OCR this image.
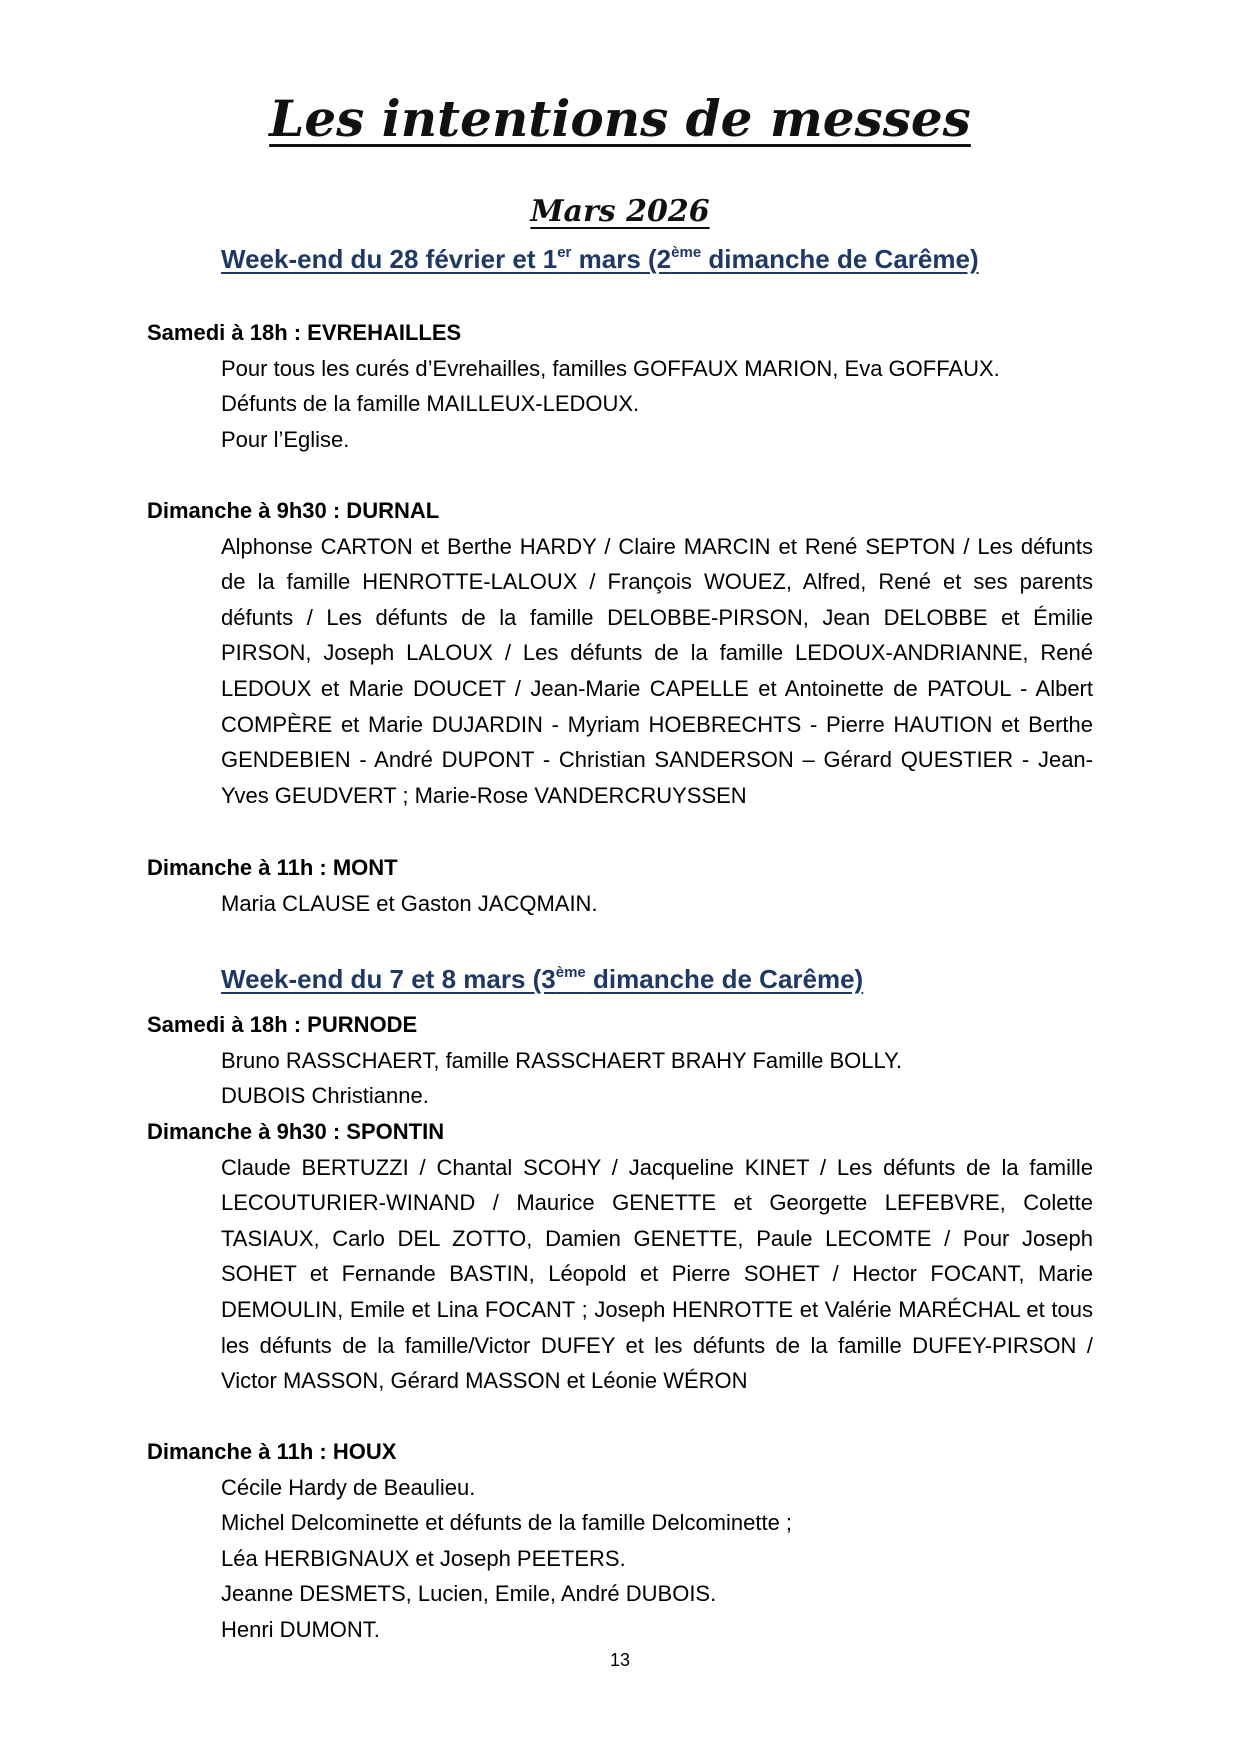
Les intentions de messes
Mars 2026
Week-end du 28 février et 1er mars (2ème dimanche de Carême)

Samedi à 18h : EVREHAILLES

Pour tous les curés d’Evrehailles, familles GOFFAUX MARION, Eva GOFFAUX.

Défunts de la famille MAILLEUX-LEDOUX.

Pour l’Eglise.

Dimanche à 9h30 : DURNAL

Alphonse CARTON et Berthe HARDY / Claire MARCIN et René SEPTON / Les défunts de la famille HENROTTE-LALOUX / François WOUEZ, Alfred, René et ses parents défunts / Les défunts de la famille DELOBBE-PIRSON, Jean DELOBBE et Émilie PIRSON, Joseph LALOUX / Les défunts de la famille LEDOUX-ANDRIANNE, René LEDOUX et Marie DOUCET / Jean-Marie CAPELLE et Antoinette de PATOUL - Albert COMPÈRE et Marie DUJARDIN - Myriam HOEBRECHTS - Pierre HAUTION et Berthe GENDEBIEN - André DUPONT - Christian SANDERSON – Gérard QUESTIER - Jean-Yves GEUDVERT ; Marie-Rose VANDERCRUYSSEN

Dimanche à 11h : MONT

Maria CLAUSE et Gaston JACQMAIN.

Week-end du 7 et 8 mars (3ème dimanche de Carême)

Samedi à 18h : PURNODE

Bruno RASSCHAERT, famille RASSCHAERT BRAHY Famille BOLLY.

DUBOIS Christianne.

Dimanche à 9h30 : SPONTIN

Claude BERTUZZI / Chantal SCOHY / Jacqueline KINET / Les défunts de la famille LECOUTURIER-WINAND / Maurice GENETTE et Georgette LEFEBVRE, Colette TASIAUX, Carlo DEL ZOTTO, Damien GENETTE, Paule LECOMTE / Pour Joseph SOHET et Fernande BASTIN, Léopold et Pierre SOHET / Hector FOCANT, Marie DEMOULIN, Emile et Lina FOCANT ; Joseph HENROTTE et Valérie MARÉCHAL et tous les défunts de la famille/Victor DUFEY et les défunts de la famille DUFEY-PIRSON / Victor MASSON, Gérard MASSON et Léonie WÉRON

Dimanche à 11h : HOUX

Cécile Hardy de Beaulieu.

Michel Delcominette et défunts de la famille Delcominette ;

Léa HERBIGNAUX et Joseph PEETERS.

Jeanne DESMETS, Lucien, Emile, André DUBOIS.

Henri DUMONT.

13
